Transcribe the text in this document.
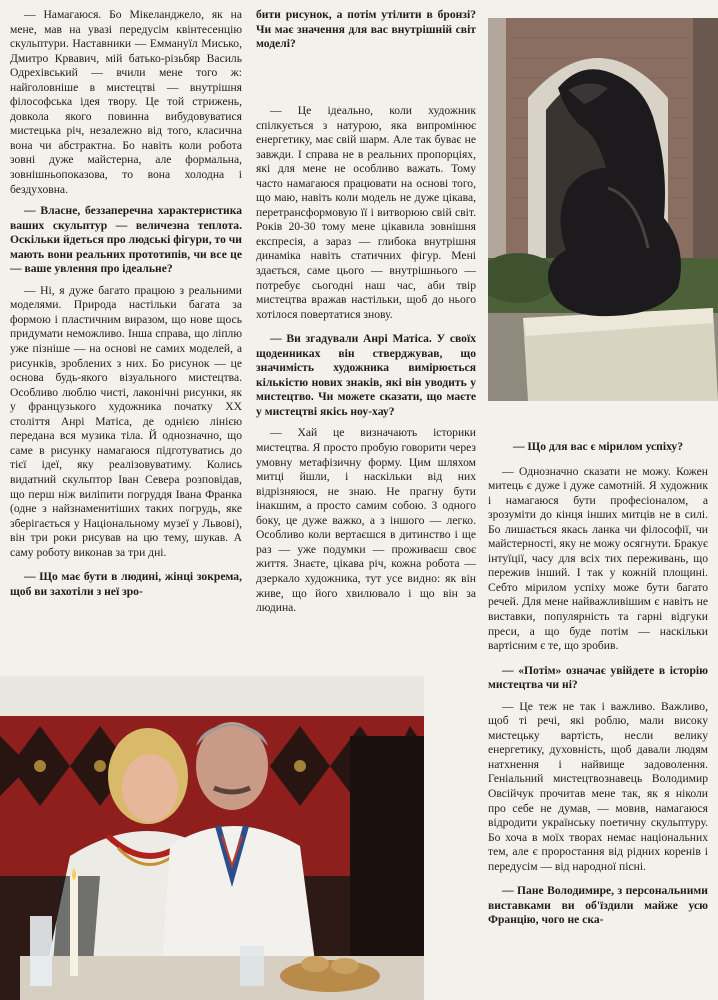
— Намагаюся. Бо Мікеланджело, як на мене, мав на увазі передусім квінтесенцію скульптури. Наставники — Еммануїл Мисько, Дмитро Крвавич, мій батько-різьбяр Василь Одрехівський — вчили мене того ж: найголовніше в мистецтві — внутрішня філософська ідея твору. Це той стрижень, довкола якого повинна вибудовуватися мистецька річ, незалежно від того, класична вона чи абстрактна. Бо навіть коли робота зовні дуже майстерна, але формальна, зовнішньопоказова, то вона холодна і бездуховна.

— Власне, беззаперечна характеристика ваших скульптур — величезна теплота. Оскільки йдеться про людські фігури, то чи мають вони реальних прототипів, чи все це — ваше увлення про ідеальне?

— Ні, я дуже багато працюю з реальними моделями. Природа настільки багата за формою і пластичним виразом, що нове щось придумати неможливо. Інша справа, що ліплю уже пізніше — на основі не самих моделей, а рисунків, зроблених з них. Бо рисунок — це основа будь-якого візуального мистецтва. Особливо люблю чисті, лаконічні рисунки, як у французького художника початку ХХ століття Анрі Матіса, де однією лінією передана вся музика тіла. Й однозначно, що саме в рисунку намагаюся підготуватись до тієї ідеї, яку реалізовуватиму. Колись видатний скульптор Іван Севера розповідав, що перш ніж виліпити погруддя Івана Франка (одне з найзнаменитіших таких погрудь, яке зберігається у Національному музеї у Львові), він три роки рисував на цю тему, шукав. А саму роботу виконав за три дні.

— Що має бути в людині, жінці зокрема, щоб ви захотіли з неї зро-

бити рисунок, а потім утілити в бронзі? Чи має значення для вас внутрішній світ моделі?

— Це ідеально, коли художник спілкується з натурою, яка випромінює енергетику, має свій шарм. Але так буває не завжди. І справа не в реальних пропорціях, які для мене не особливо важать. Тому часто намагаюся працювати на основі того, що маю, навіть коли модель не дуже цікава, перетрансформовую її і витворюю свій світ. Років 20-30 тому мене цікавила зовнішня експресія, а зараз — глибока внутрішня динаміка навіть статичних фігур. Мені здається, саме цього — внутрішнього — потребує сьогодні наш час, аби твір мистецтва вражав настільки, щоб до нього хотілося повертатися знову.

— Ви згадували Анрі Матіса. У своїх щоденниках він стверджував, що значимість художника вимірюється кількістю нових знаків, які він уводить у мистецтво. Чи можете сказати, що маєте у мистецтві якісь ноу-хау?

— Хай це визначають історики мистецтва. Я просто пробую говорити через умовну метафізичну форму. Цим шляхом митці йшли, і наскільки від них відрізняюся, не знаю. Не прагну бути інакшим, а просто самим собою. З одного боку, це дуже важко, а з іншого — легко. Особливо коли вертаєшся в дитинство і ще раз — уже подумки — проживаєш своє життя. Знаєте, цікава річ, кожна робота — дзеркало художника, тут усе видно: як він живе, що його хвилювало і що він за людина.

— Що для вас є мірилом успіху?

— Однозначно сказати не можу. Кожен митець є дуже і дуже самотній. Я художник і намагаюся бути професіоналом, а зрозуміти до кінця інших митців не в силі. Бо лишається якась ланка чи філософії, чи майстерності, яку не можу осягнути. Бракує інтуїції, часу для всіх тих переживань, що пережив інший. І так у кожній площині. Себто мірилом успіху може бути багато речей. Для мене найважливішим є навіть не виставки, популярність та гарні відгуки преси, а що буде потім — наскільки вартісним є те, що зробив.

— «Потім» означає увійдете в історію мистецтва чи ні?

— Це теж не так і важливо. Важливо, щоб ті речі, які роблю, мали високу мистецьку вартість, несли велику енергетику, духовність, щоб давали людям натхнення і найвище задоволення. Геніальний мистецтвознавець Володимир Овсійчук прочитав мене так, як я ніколи про себе не думав, — мовив, намагаюся відродити українську поетичну скульптуру. Бо хоча в моїх творах немає національних тем, але є проростання від рідних коренів і передусім — від народної пісні.

— Пане Володимире, з персональними виставками ви об'їздили майже усю Францію, чого не ска-
